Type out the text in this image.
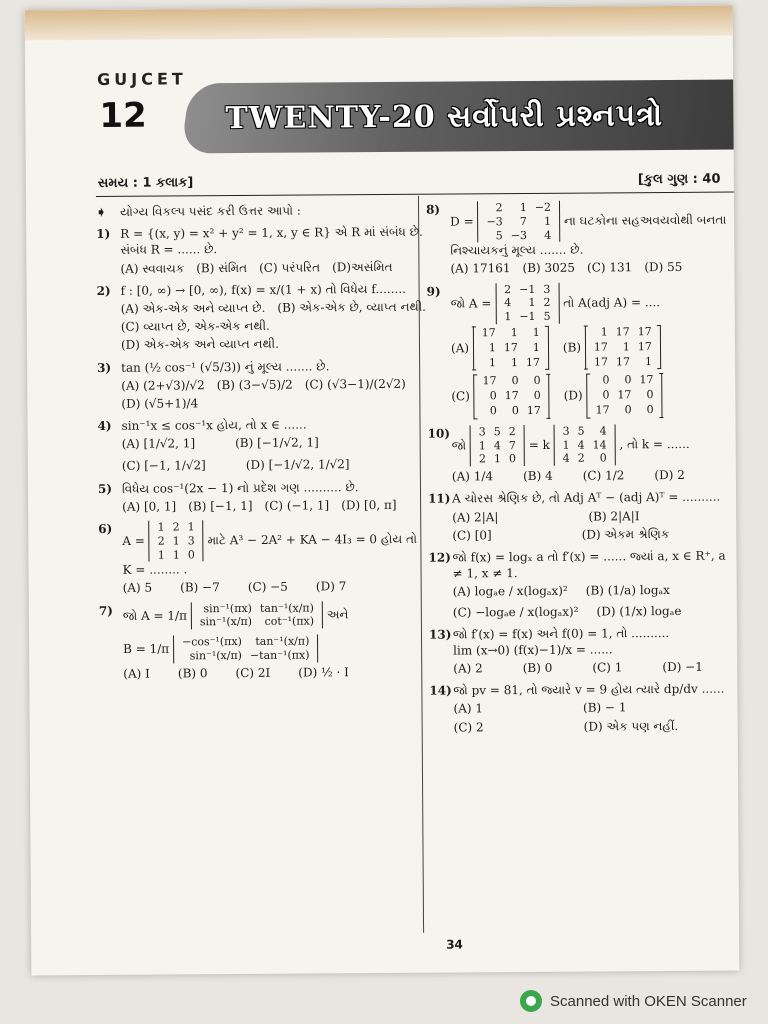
GUJCET
12	TWENTY-20 સર્વોપરી પ્રશ્નપત્રો
સમય : 1 કલાક]	[કુલ ગુણ : 40
➧	યોગ્ય વિકલ્પ પસંદ કરી ઉત્તર આપો :
1) R = {(x, y) = x² + y² = 1, x, y ∈ R} એ R માં સંબંધ છે. સંબંધ R = ...... છે.
(A) સ્વવાચક (B) સંમિત (C) પરંપરિત (D)અસંમિત
2) f : [0, ∞) → [0, ∞), f(x) = x/(1 + x) તો વિધેય f........
(A) એક-એક અને વ્યાપ્ત છે. (B) એક-એક છે, વ્યાપ્ત નથી.
(C) વ્યાપ્ત છે, એક-એક નથી.
(D) એક-એક અને વ્યાપ્ત નથી.
3) tan (½ cos⁻¹ (√5/3)) નું મૂલ્ય ....... છે.
(A) (2+√3)/√2 (B) (3−√5)/2 (C) (√3−1)/(2√2)
(D) (√5+1)/4
4) sin⁻¹x ≤ cos⁻¹x હોય, તો x ∈ ......
(A) [1/√2, 1]	(B) [−1/√2, 1]
(C) [−1, 1/√2]	(D) [−1/√2, 1/√2]
5) વિધેય cos⁻¹(2x − 1) નો પ્રદેશ ગણ .......... છે.
(A) [0, 1] (B) [−1, 1] (C) (−1, 1] (D) [0, π]
6)
A =
1	2	1
2	1	3
1	1	0
માટે A³ − 2A² + KA − 4I₃ = 0 હોય તો K = ........ .
(A) 5 (B) −7 (C) −5 (D) 7
7) જો A = 1/π
sin⁻¹(πx)	tan⁻¹(x/π)
sin⁻¹(x/π)	cot⁻¹(πx)
અને
B = 1/π
−cos⁻¹(πx)	tan⁻¹(x/π)
sin⁻¹(x/π)	−tan⁻¹(πx)
(A) I (B) 0 (C) 2I (D) ½ · I
8)
D =
2	1	−2
−3	7	1
5	−3	4
ના ઘટકોના સહઅવયવોથી બનતા નિશ્ચાયકનું મૂલ્ય ....... છે.
(A) 17161 (B) 3025 (C) 131 (D) 55
9)
જો A =
2	−1	3
4	1	2
1	−1	5
તો A(adj A) = ....
(A)
17	1	1
1	17	1
1	1	17
(B)
1	17	17
17	1	17
17	17	1
(C)
17	0	0
0	17	0
0	0	17
(D)
0	0	17
0	17	0
17	0	0
10)
જો
3	5	2
1	4	7
2	1	0
= k
3	5	4
1	4	14
4	2	0
, તો k = ......
(A) 1/4 (B) 4 (C) 1/2 (D) 2
11) A ચોરસ શ્રેણિક છે, તો Adj Aᵀ − (adj A)ᵀ = ..........
(A) 2|A|	(B) 2|A|I
(C) [0]	(D) એકમ શ્રેણિક
12) જો f(x) = logₓ a તો f′(x) = ...... જ્યાં a, x ∈ R⁺, a ≠ 1, x ≠ 1.
(A) logₐe / x(logₐx)² (B) (1/a) logₐx
(C) −logₐe / x(logₐx)² (D) (1/x) logₐe
13) જો f′(x) = f(x) અને f(0) = 1, તો ..........
lim (x→0) (f(x)−1)/x = ......
(A) 2	(B) 0	(C) 1	(D) −1
14) જો pv = 81, તો જ્યારે v = 9 હોય ત્યારે dp/dv ......
(A) 1	(B) − 1
(C) 2	(D) એક પણ નહીં.
34
Scanned with OKEN Scanner
